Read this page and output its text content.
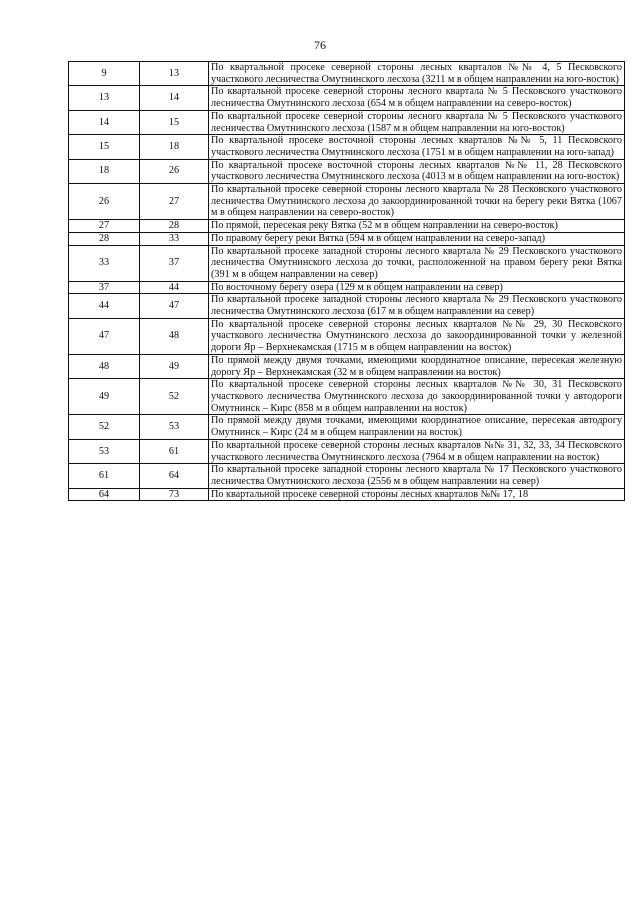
76
9	13	По квартальной просеке северной стороны лесных кварталов №№ 4, 5 Песковского участкового лесничества Омутнинского лесхоза (3211 м в общем направлении на юго-восток)
13	14	По квартальной просеке северной стороны лесного квартала № 5 Песковского участкового лесничества Омутнинского лесхоза (654 м в общем направлении на северо-восток)
14	15	По квартальной просеке северной стороны лесного квартала № 5 Песковского участкового лесничества Омутнинского лесхоза (1587 м в общем направлении на юго-восток)
15	18	По квартальной просеке восточной стороны лесных кварталов №№ 5, 11 Песковского участкового лесничества Омутнинского лесхоза (1751 м в общем направлении на юго-запад)
18	26	По квартальной просеке восточной стороны лесных кварталов №№ 11, 28 Песковского участкового лесничества Омутнинского лесхоза (4013 м в общем направлении на юго-восток)
26	27	По квартальной просеке северной стороны лесного квартала № 28 Песковского участкового лесничества Омутнинского лесхоза до закоординированной точки на берегу реки Вятка (1067 м в общем направлении на северо-восток)
27	28	По прямой, пересекая реку Вятка (52 м в общем направлении на северо-восток)
28	33	По правому берегу реки Вятка (594 м в общем направлении на северо-запад)
33	37	По квартальной просеке западной стороны лесного квартала № 29 Песковского участкового лесничества Омутнинского лесхоза до точки, расположенной на правом берегу реки Вятка (391 м в общем направлении на север)
37	44	По восточному берегу озера (129 м в общем направлении на север)
44	47	По квартальной просеке западной стороны лесного квартала № 29 Песковского участкового лесничества Омутнинского лесхоза (617 м в общем направлении на север)
47	48	По квартальной просеке северной стороны лесных кварталов №№ 29, 30 Песковского участкового лесничества Омутнинского лесхоза до закоординированной точки у железной дороги Яр – Верхнекамская (1715 м в общем направлении на восток)
48	49	По прямой между двумя точками, имеющими координатное описание, пересекая железную дорогу Яр – Верхнекамская (32 м в общем направлении на восток)
49	52	По квартальной просеке северной стороны лесных кварталов №№ 30, 31 Песковского участкового лесничества Омутнинского лесхоза до закоординированной точки у автодороги Омутнинск – Кирс (858 м в общем направлении на восток)
52	53	По прямой между двумя точками, имеющими координатное описание, пересекая автодрогу Омутнинск – Кирс (24 м в общем направлении на восток)
53	61	По квартальной просеке северной стороны лесных кварталов №№ 31, 32, 33, 34 Песковского участкового лесничества Омутнинского лесхоза (7964 м в общем направлении на восток)
61	64	По квартальной просеке западной стороны лесного квартала № 17 Песковского участкового лесничества Омутнинского лесхоза (2556 м в общем направлении на север)
64	73	По квартальной просеке северной стороны лесных кварталов №№ 17, 18
